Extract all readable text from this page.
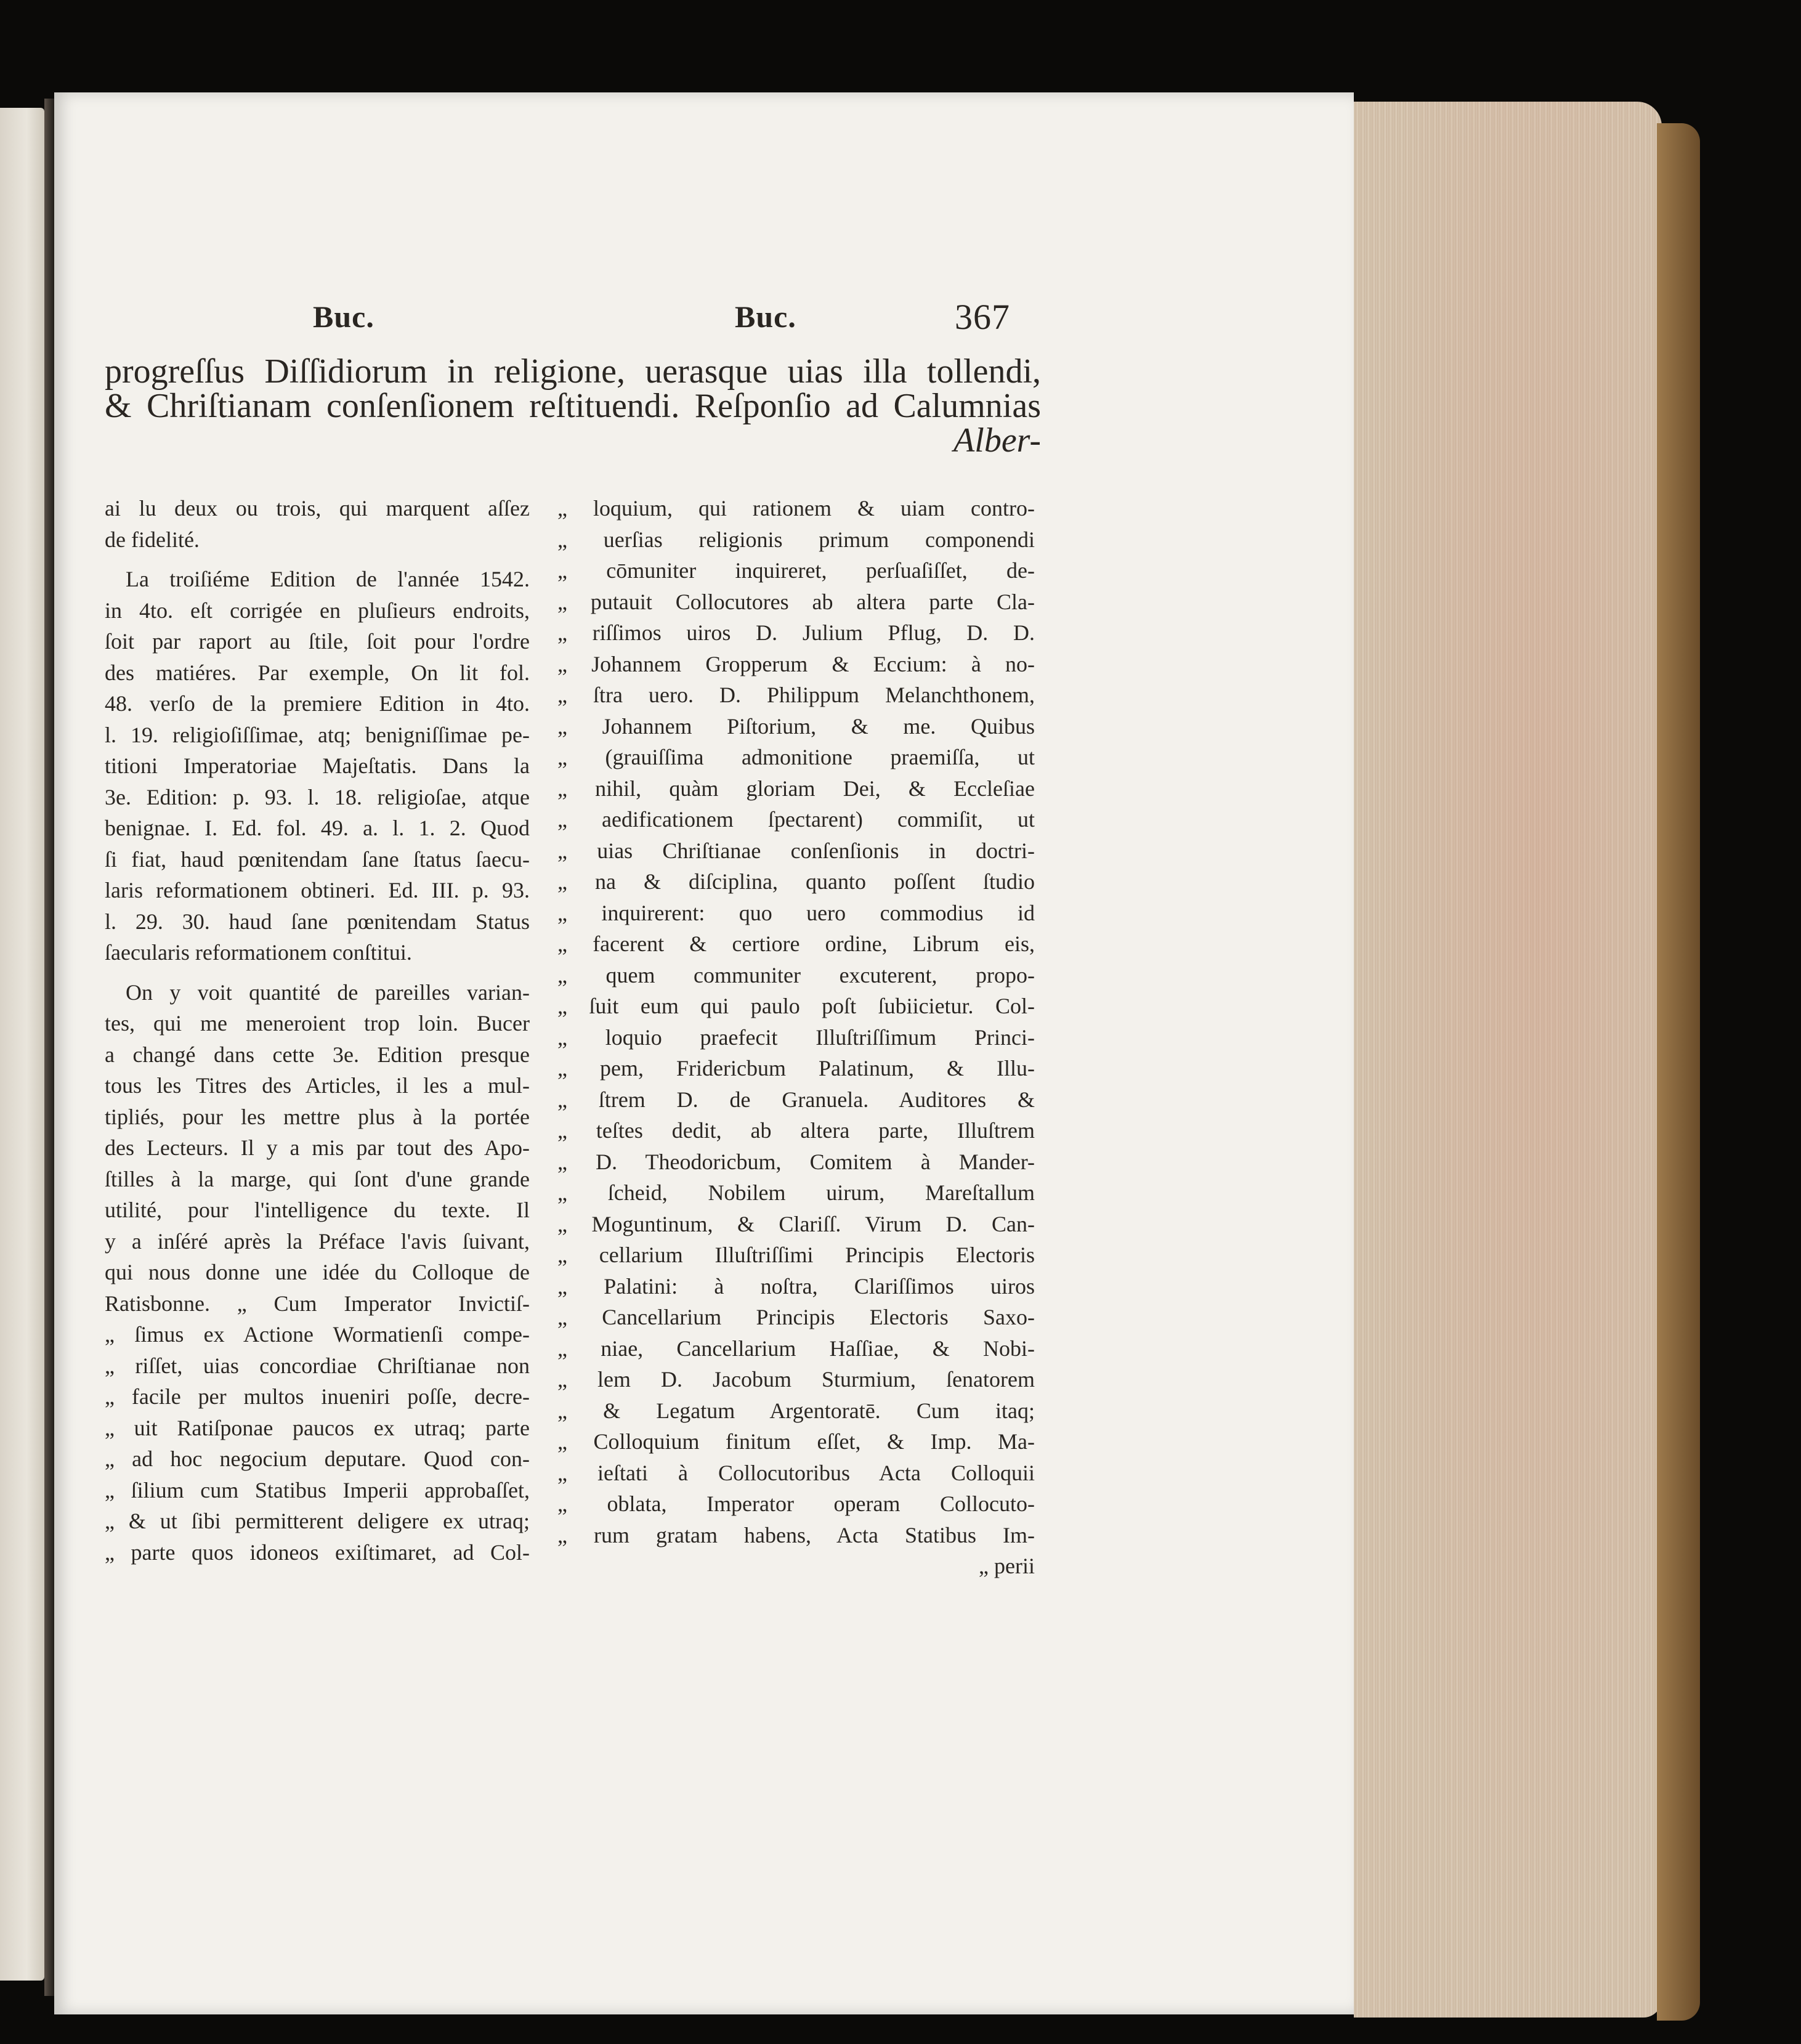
Buc.	Buc.	367
progreſſus Diſſidiorum in religione, uerasque uias illa tollendi,
& Chriſtianam conſenſionem reſtituendi. Reſponſio ad Calumnias
Alber-
ai lu deux ou trois, qui marquent aſſez
de fidelité.
La troiſiéme Edition de l'année 1542.
in 4to. eſt corrigée en pluſieurs endroits,
ſoit par raport au ſtile, ſoit pour l'ordre
des matiéres. Par exemple, On lit fol.
48. verſo de la premiere Edition in 4to.
l. 19. religioſiſſimae, atq; benigniſſimae pe-
titioni Imperatoriae Majeſtatis. Dans la
3e. Edition: p. 93. l. 18. religioſae, atque
benignae. I. Ed. fol. 49. a. l. 1. 2. Quod
ſi fiat, haud pœnitendam ſane ſtatus ſaecu-
laris reformationem obtineri. Ed. III. p. 93.
l. 29. 30. haud ſane pœnitendam Status
ſaecularis reformationem conſtitui.
On y voit quantité de pareilles varian-
tes, qui me meneroient trop loin. Bucer
a changé dans cette 3e. Edition presque
tous les Titres des Articles, il les a mul-
tipliés, pour les mettre plus à la portée
des Lecteurs. Il y a mis par tout des Apo-
ſtilles à la marge, qui ſont d'une grande
utilité, pour l'intelligence du texte. Il
y a inſéré après la Préface l'avis ſuivant,
qui nous donne une idée du Colloque de
Ratisbonne. „ Cum Imperator Invictiſ-
„ ſimus ex Actione Wormatienſi compe-
„ riſſet, uias concordiae Chriſtianae non
„ facile per multos inueniri poſſe, decre-
„ uit Ratiſponae paucos ex utraq; parte
„ ad hoc negocium deputare. Quod con-
„ ſilium cum Statibus Imperii approbaſſet,
„ & ut ſibi permitterent deligere ex utraq;
„ parte quos idoneos exiſtimaret, ad Col-
„ loquium, qui rationem & uiam contro-
„ uerſias religionis primum componendi
„ cōmuniter inquireret, perſuaſiſſet, de-
„ putauit Collocutores ab altera parte Cla-
„ riſſimos uiros D. Julium Pflug, D. D.
„ Johannem Gropperum & Eccium: à no-
„ ſtra uero. D. Philippum Melanchthonem,
„ Johannem Piſtorium, & me. Quibus
„ (grauiſſima admonitione praemiſſa, ut
„ nihil, quàm gloriam Dei, & Eccleſiae
„ aedificationem ſpectarent) commiſit, ut
„ uias Chriſtianae conſenſionis in doctri-
„ na & diſciplina, quanto poſſent ſtudio
„ inquirerent: quo uero commodius id
„ facerent & certiore ordine, Librum eis,
„ quem communiter excuterent, propo-
„ ſuit eum qui paulo poſt ſubiicietur. Col-
„ loquio praefecit Illuſtriſſimum Princi-
„ pem, Fridericbum Palatinum, & Illu-
„ ſtrem D. de Granuela. Auditores &
„ teſtes dedit, ab altera parte, Illuſtrem
„ D. Theodoricbum, Comitem à Mander-
„ ſcheid, Nobilem uirum, Mareſtallum
„ Moguntinum, & Clariſſ. Virum D. Can-
„ cellarium Illuſtriſſimi Principis Electoris
„ Palatini: à noſtra, Clariſſimos uiros
„ Cancellarium Principis Electoris Saxo-
„ niae, Cancellarium Haſſiae, & Nobi-
„ lem D. Jacobum Sturmium, ſenatorem
„ & Legatum Argentoratē. Cum itaq;
„ Colloquium finitum eſſet, & Imp. Ma-
„ ieſtati à Collocutoribus Acta Colloquii
„ oblata, Imperator operam Collocuto-
„ rum gratam habens, Acta Statibus Im-
„ perii
